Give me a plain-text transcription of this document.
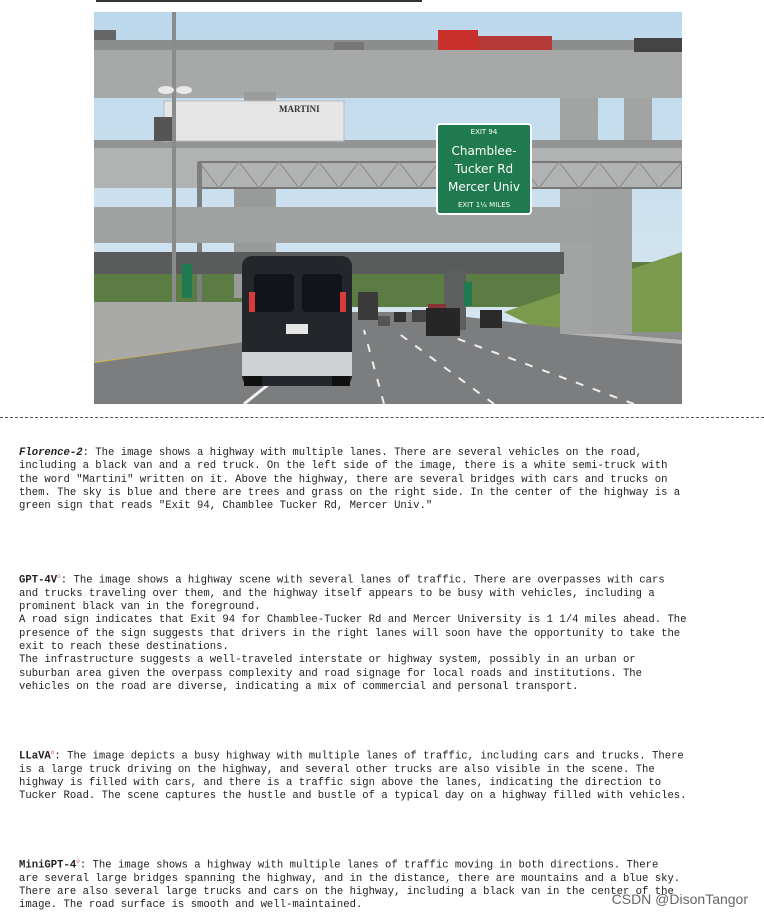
MARTINI
EXIT 94
Chamblee-
Tucker Rd
Mercer Univ
EXIT 1¼ MILES
Florence-2: The image shows a highway with multiple lanes. There are several vehicles on the road,
including a black van and a red truck. On the left side of the image, there is a white semi-truck with
the word "Martini" written on it. Above the highway, there are several bridges with cars and trucks on
them. The sky is blue and there are trees and grass on the right side. In the center of the highway is a
green sign that reads "Exit 94, Chamblee Tucker Rd, Mercer Univ."
GPT-$4V^o$: The image shows a highway scene with several lanes of traffic. There are overpasses with cars
and trucks traveling over them, and the highway itself appears to be busy with vehicles, including a
prominent black van in the foreground.
A road sign indicates that Exit 94 for Chamblee-Tucker Rd and Mercer University is 1 1/4 miles ahead. The
presence of the sign suggests that drivers in the right lanes will soon have the opportunity to take the
exit to reach these destinations.
The infrastructure suggests a well-traveled interstate or highway system, possibly in an urban or
suburban area given the overpass complexity and road signage for local roads and institutions. The
vehicles on the road are diverse, indicating a mix of commercial and personal transport.
LLaVA$^o$: The image depicts a busy highway with multiple lanes of traffic, including cars and trucks. There
is a large truck driving on the highway, and several other trucks are also visible in the scene. The
highway is filled with cars, and there is a traffic sign above the lanes, indicating the direction to
Tucker Road. The scene captures the hustle and bustle of a typical day on a highway filled with vehicles.
MiniGPT-4$^o$: The image shows a highway with multiple lanes of traffic moving in both directions. There
are several large bridges spanning the highway, and in the distance, there are mountains and a blue sky.
There are also several large trucks and cars on the highway, including a black van in the center of the
image. The road surface is smooth and well-maintained.	CSDN @DisonTangor
